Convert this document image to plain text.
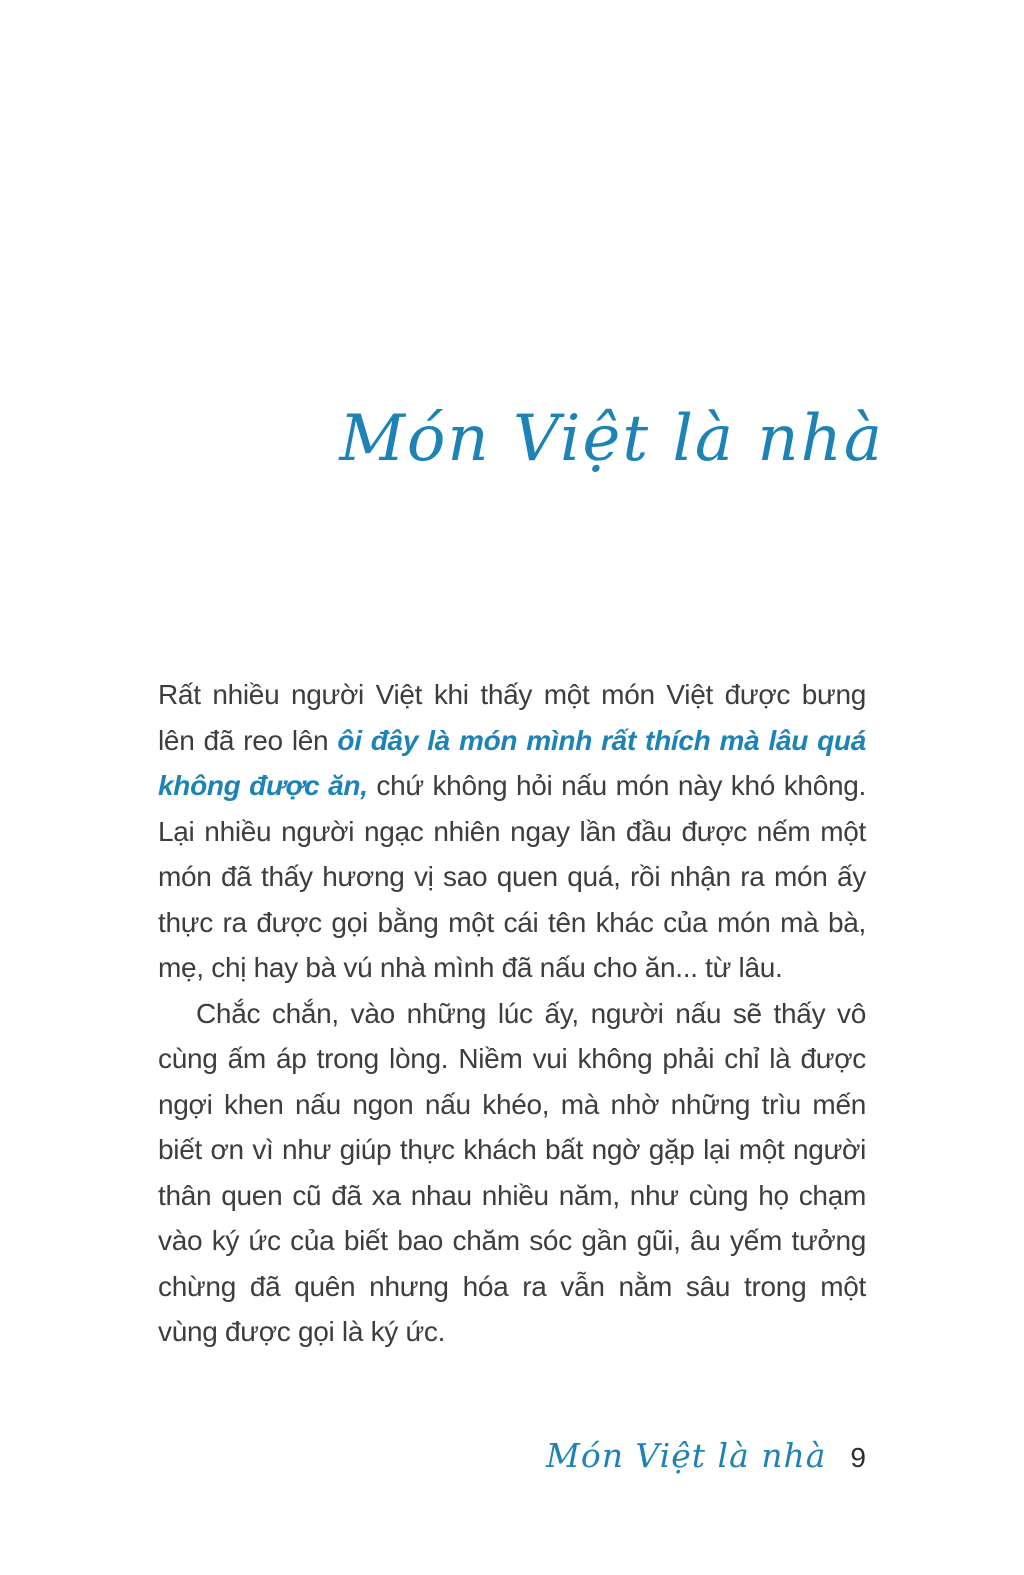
Món Việt là nhà

Rất nhiều người Việt khi thấy một món Việt được bưng lên đã reo lên ôi đây là món mình rất thích mà lâu quá không được ăn, chứ không hỏi nấu món này khó không. Lại nhiều người ngạc nhiên ngay lần đầu được nếm một món đã thấy hương vị sao quen quá, rồi nhận ra món ấy thực ra được gọi bằng một cái tên khác của món mà bà, mẹ, chị hay bà vú nhà mình đã nấu cho ăn... từ lâu.

Chắc chắn, vào những lúc ấy, người nấu sẽ thấy vô cùng ấm áp trong lòng. Niềm vui không phải chỉ là được ngợi khen nấu ngon nấu khéo, mà nhờ những trìu mến biết ơn vì như giúp thực khách bất ngờ gặp lại một người thân quen cũ đã xa nhau nhiều năm, như cùng họ chạm vào ký ức của biết bao chăm sóc gần gũi, âu yếm tưởng chừng đã quên nhưng hóa ra vẫn nằm sâu trong một vùng được gọi là ký ức.

Món Việt là nhà 9
